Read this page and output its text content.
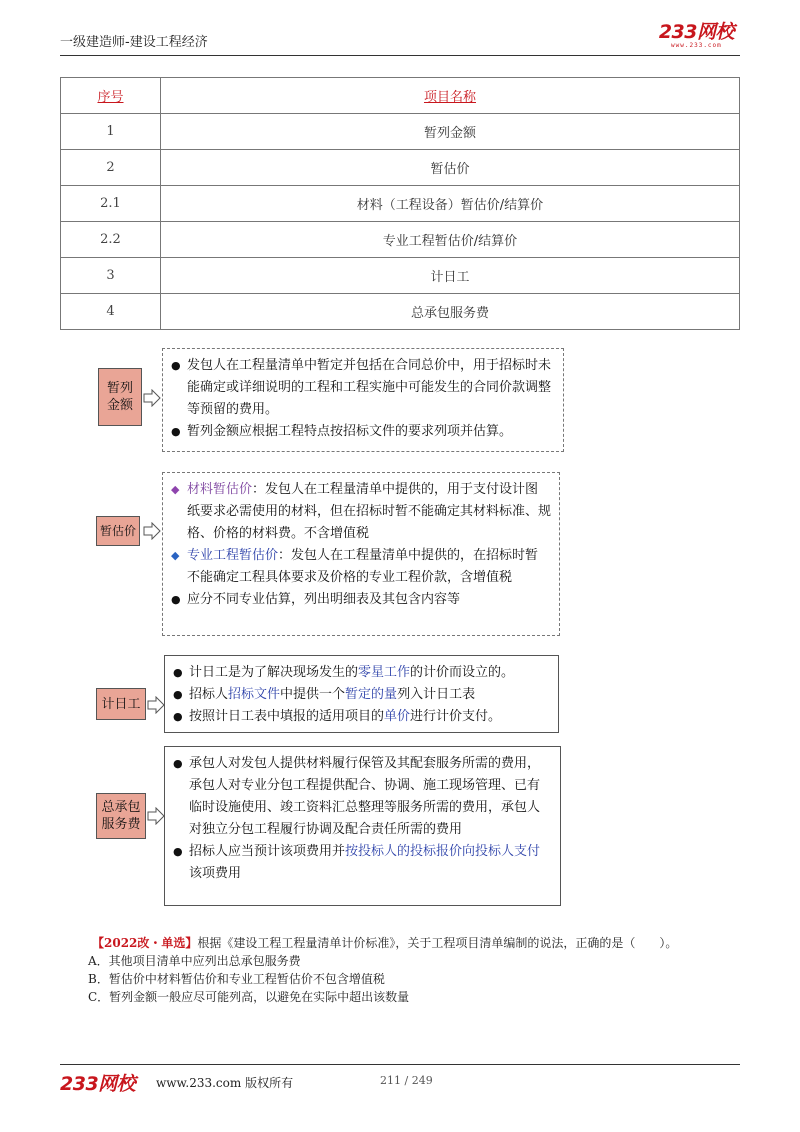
一级建造师-建设工程经济	233网校
www.233.com
序号	项目名称
1	暂列金额
2	暂估价
2.1	材料（工程设备）暂估价/结算价
2.2	专业工程暂估价/结算价
3	计日工
4	总承包服务费
暂列金额
● 发包人在工程量清单中暂定并包括在合同总价中，用于招标时未能确定或详细说明的工程和工程实施中可能发生的合同价款调整等预留的费用。
● 暂列金额应根据工程特点按招标文件的要求列项并估算。
暂估价
◆ 材料暂估价：发包人在工程量清单中提供的，用于支付设计图纸要求必需使用的材料，但在招标时暂不能确定其材料标准、规格、价格的材料费。不含增值税
◆ 专业工程暂估价：发包人在工程量清单中提供的，在招标时暂不能确定工程具体要求及价格的专业工程价款，含增值税
● 应分不同专业估算，列出明细表及其包含内容等
计日工
● 计日工是为了解决现场发生的零星工作的计价而设立的。
● 招标人招标文件中提供一个暂定的量列入计日工表
● 按照计日工表中填报的适用项目的单价进行计价支付。
总承包服务费
● 承包人对发包人提供材料履行保管及其配套服务所需的费用，承包人对专业分包工程提供配合、协调、施工现场管理、已有临时设施使用、竣工资料汇总整理等服务所需的费用，承包人对独立分包工程履行协调及配合责任所需的费用
● 招标人应当预计该项费用并按投标人的投标报价向投标人支付该项费用
【2022改・单选】根据《建设工程工程量清单计价标准》，关于工程项目清单编制的说法，正确的是（　　）。
A．其他项目清单中应列出总承包服务费
B．暂估价中材料暂估价和专业工程暂估价不包含增值税
C．暂列金额一般应尽可能列高，以避免在实际中超出该数量
233网校 www.233.com 版权所有	211 / 249
